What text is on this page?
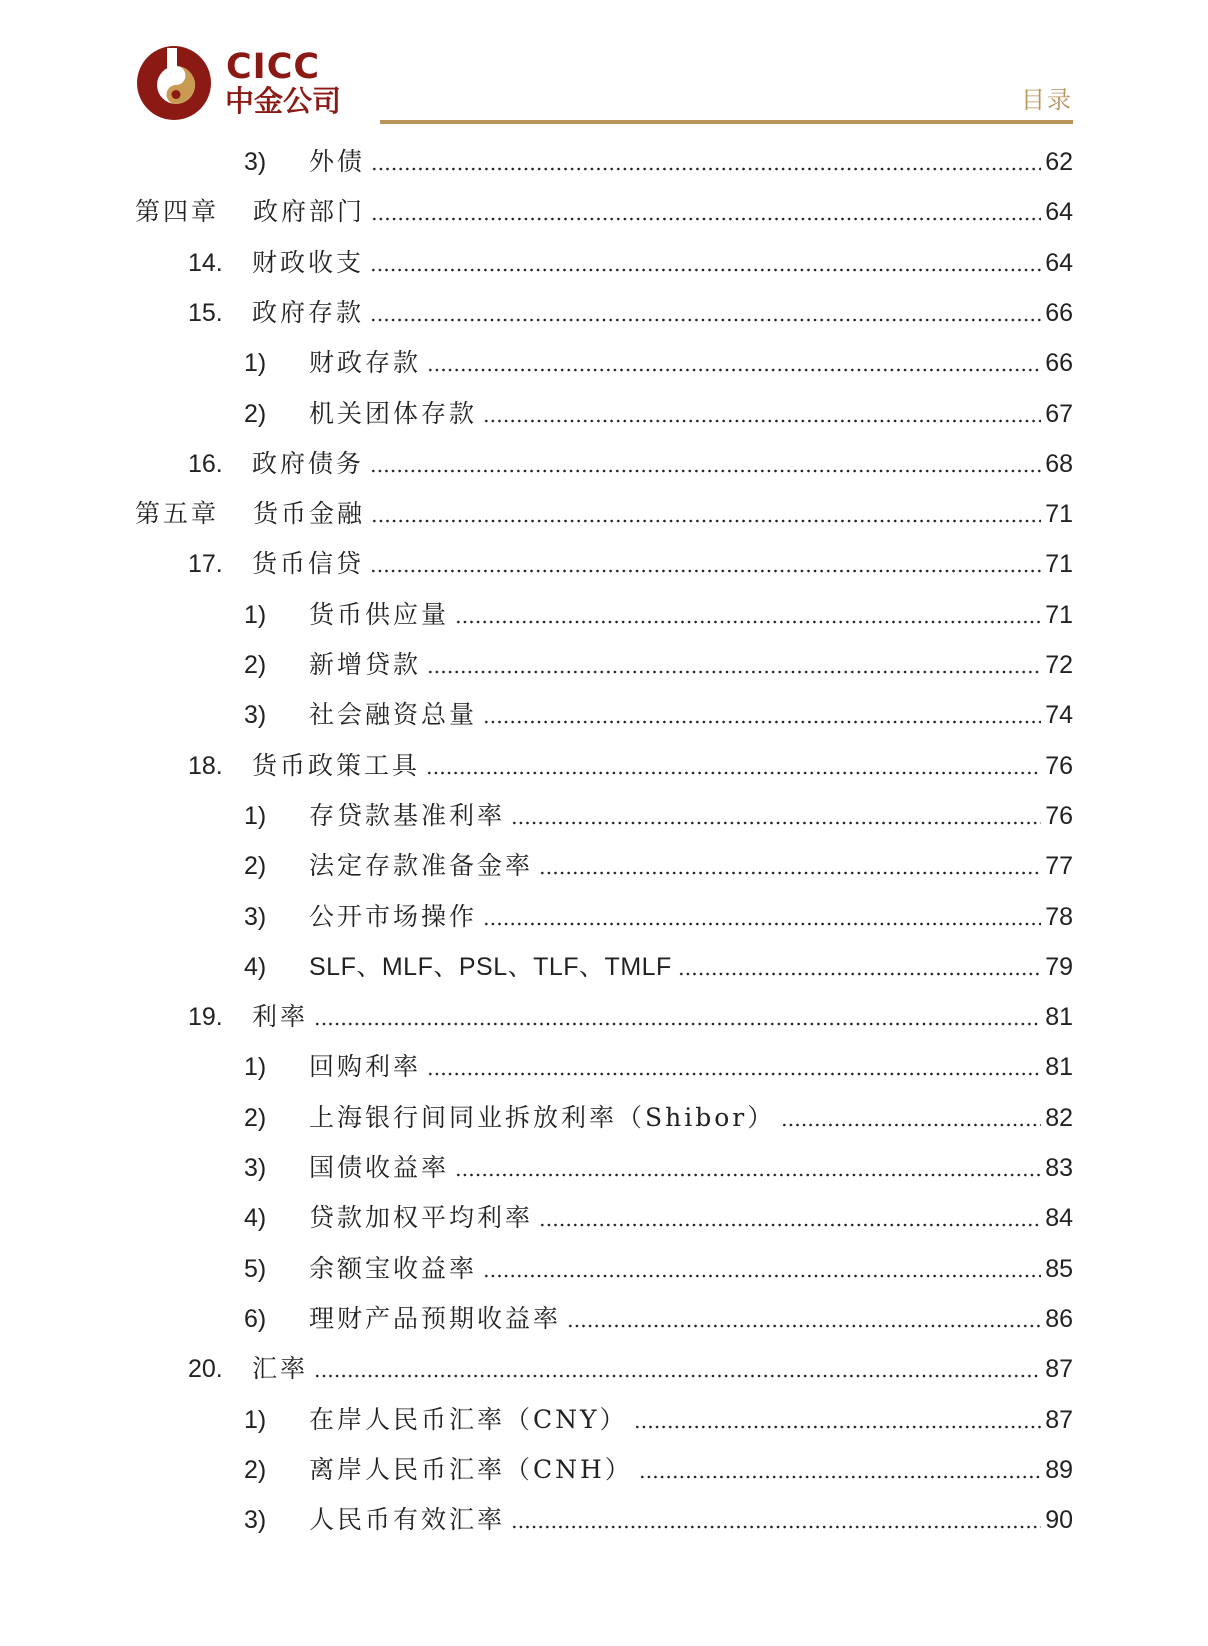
CICC
中金公司	目录
3)	外债	62
第四章	政府部门	64
14.	财政收支	64
15.	政府存款	66
1)	财政存款	66
2)	机关团体存款	67
16.	政府债务	68
第五章	货币金融	71
17.	货币信贷	71
1)	货币供应量	71
2)	新增贷款	72
3)	社会融资总量	74
18.	货币政策工具	76
1)	存贷款基准利率	76
2)	法定存款准备金率	77
3)	公开市场操作	78
4)	SLF、MLF、PSL、TLF、TMLF	79
19.	利率	81
1)	回购利率	81
2)	上海银行间同业拆放利率（Shibor）	82
3)	国债收益率	83
4)	贷款加权平均利率	84
5)	余额宝收益率	85
6)	理财产品预期收益率	86
20.	汇率	87
1)	在岸人民币汇率（CNY）	87
2)	离岸人民币汇率（CNH）	89
3)	人民币有效汇率	90
